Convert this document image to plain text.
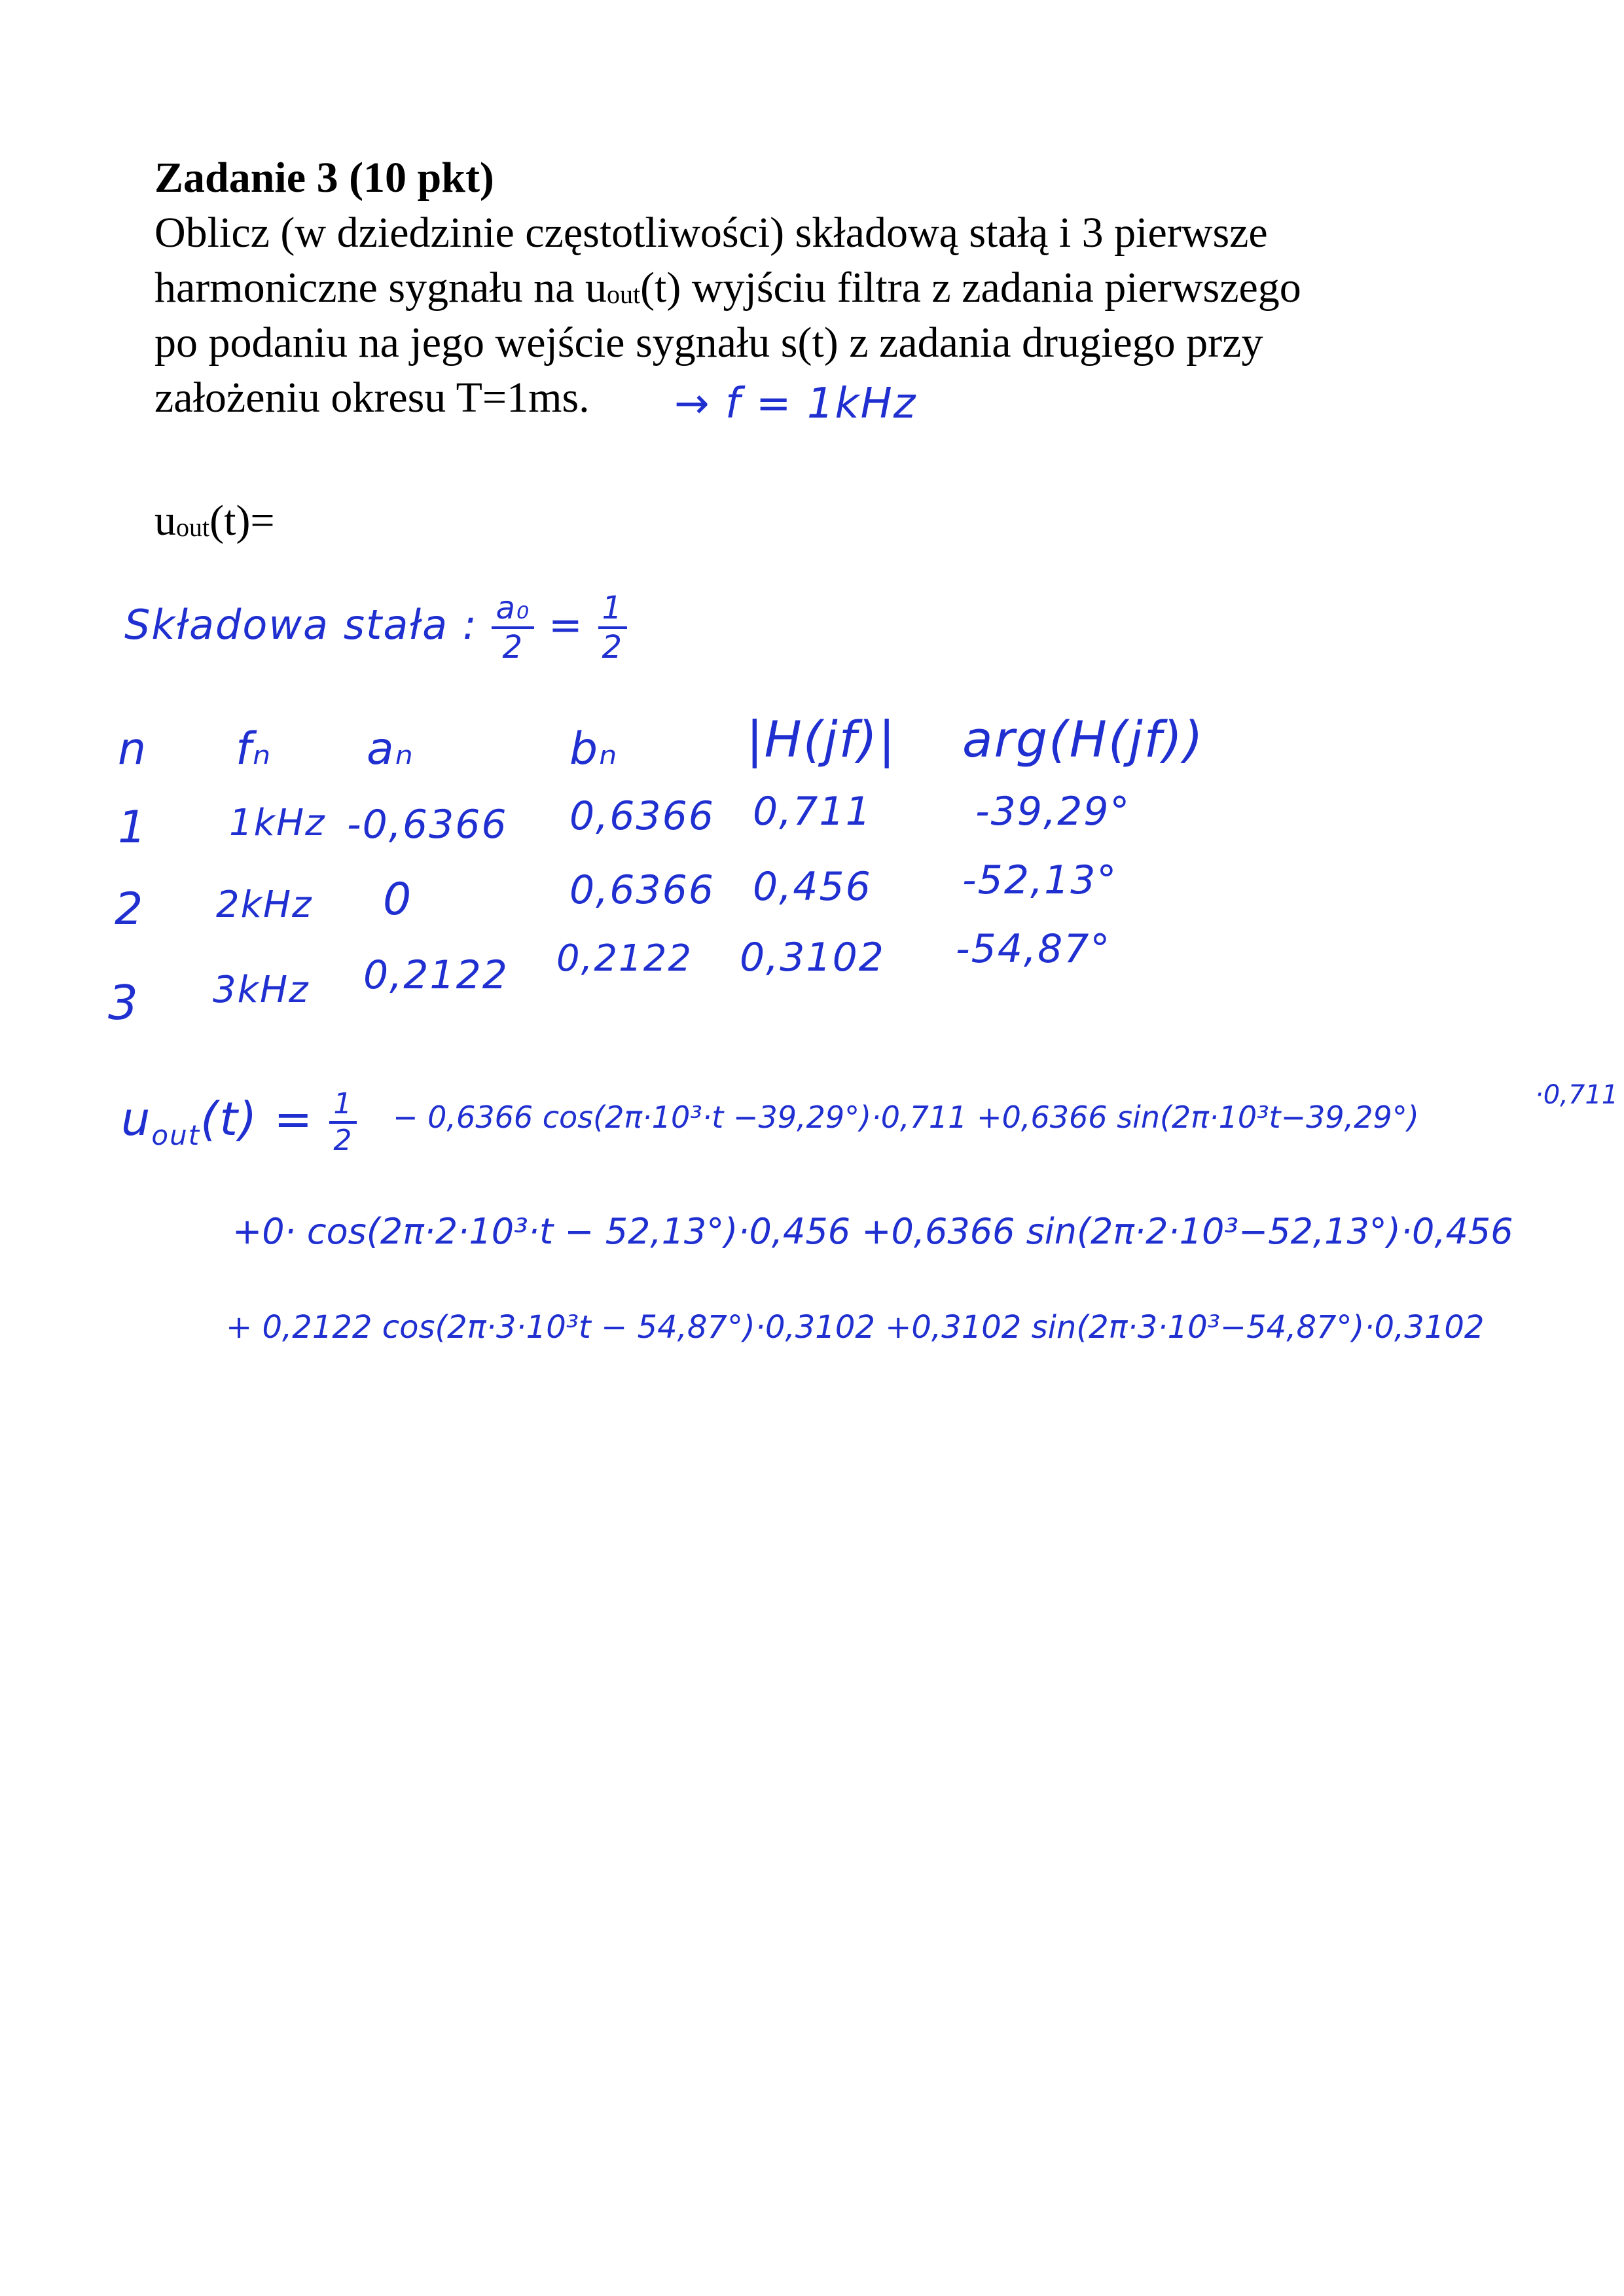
Zadanie 3 (10 pkt)
Oblicz (w dziedzinie częstotliwości) składową stałą i 3 pierwsze
harmoniczne sygnału na $u_{out}(t)$ wyjściu filtra z zadania pierwszego
po podaniu na jego wejście sygnału s(t) z zadania drugiego przy
założeniu okresu T=1ms.	→ f = 1kHz
$u_{out}(t)=$
Składowa stała : $\frac{\text{a₀}}{2} = \frac{1}{2}$
n fₙ aₙ	bₙ	|H(jf)| arg(H(jf))
1 1kHz -0,6366 0,6366 0,711	-39,29°
2 2kHz 0	0,6366 0,456 -52,13°
3 3kHz 0,2122 0,2122 0,3102 -54,87°
$u_{out}(t) = \frac{1}{2} - 0,6366$ cos(2π·10³·t −39,29°)·0,711 +0,6366 sin(2π·10³t−39,29°)
·0,711
+0· cos(2π·2·10³·t − 52,13°)·0,456 +0,6366 sin(2π·2·10³−52,13°)·0,456
+ 0,2122 cos(2π·3·10³t − 54,87°)·0,3102 +0,3102 sin(2π·3·10³−54,87°)·0,3102
